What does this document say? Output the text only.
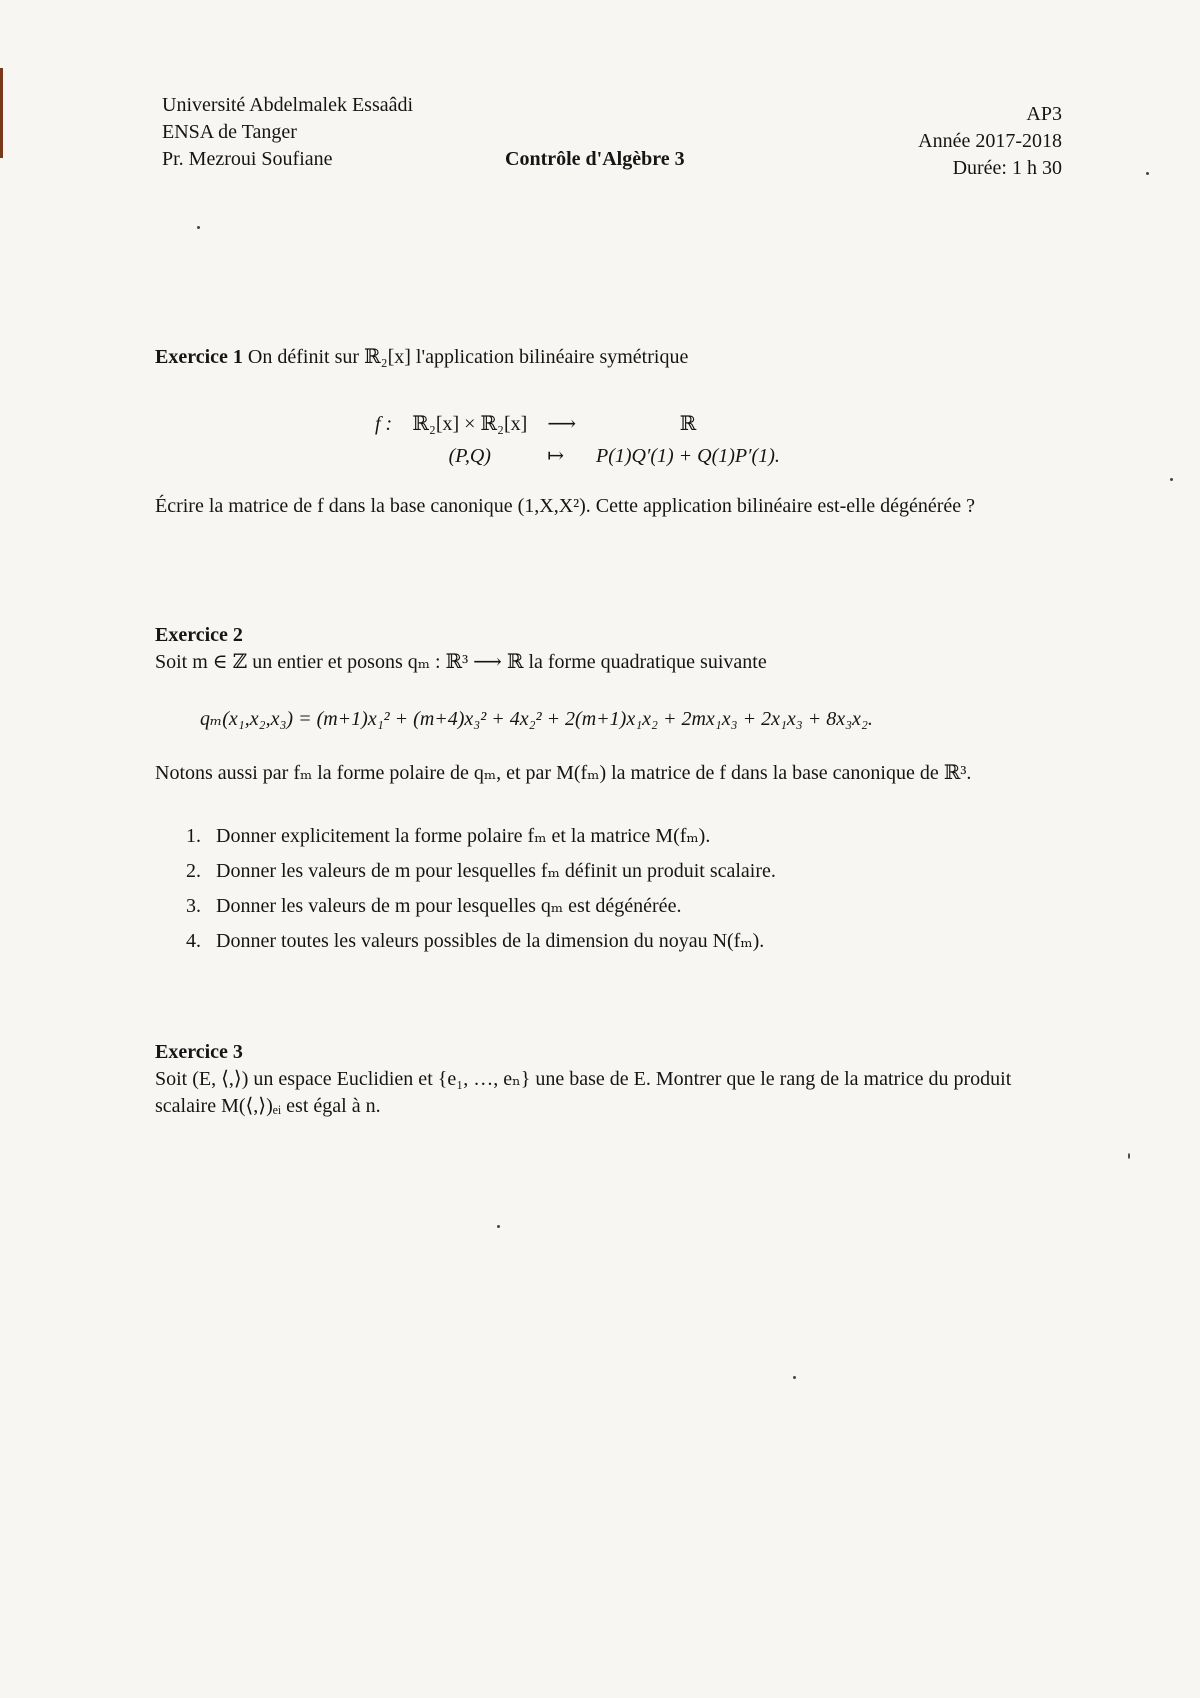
Université Abdelmalek Essaâdi
ENSA de Tanger
Pr. Mezroui Soufiane	Contrôle d'Algèbre 3
AP3
Année 2017-2018
Durée: 1 h 30
Exercice 1 On définit sur ℝ₂[x] l'application bilinéaire symétrique
f :	ℝ₂[x] × ℝ₂[x]	⟶	ℝ
	(P,Q)	↦	P(1)Q′(1) + Q(1)P′(1).
Écrire la matrice de f dans la base canonique (1,X,X²). Cette application bilinéaire est-elle dégénérée ?
Exercice 2
Soit m ∈ ℤ un entier et posons qₘ : ℝ³ ⟶ ℝ la forme quadratique suivante
qₘ(x₁,x₂,x₃) = (m+1)x₁² + (m+4)x₃² + 4x₂² + 2(m+1)x₁x₂ + 2mx₁x₃ + 2x₁x₃ + 8x₃x₂.
Notons aussi par fₘ la forme polaire de qₘ, et par M(fₘ) la matrice de f dans la base canonique de ℝ³.
1. Donner explicitement la forme polaire fₘ et la matrice M(fₘ).
2. Donner les valeurs de m pour lesquelles fₘ définit un produit scalaire.
3. Donner les valeurs de m pour lesquelles qₘ est dégénérée.
4. Donner toutes les valeurs possibles de la dimension du noyau N(fₘ).
Exercice 3
Soit (E, ⟨,⟩) un espace Euclidien et {e₁, …, eₙ} une base de E. Montrer que le rang de la matrice du produit scalaire M(⟨,⟩)ₑᵢ est égal à n.
